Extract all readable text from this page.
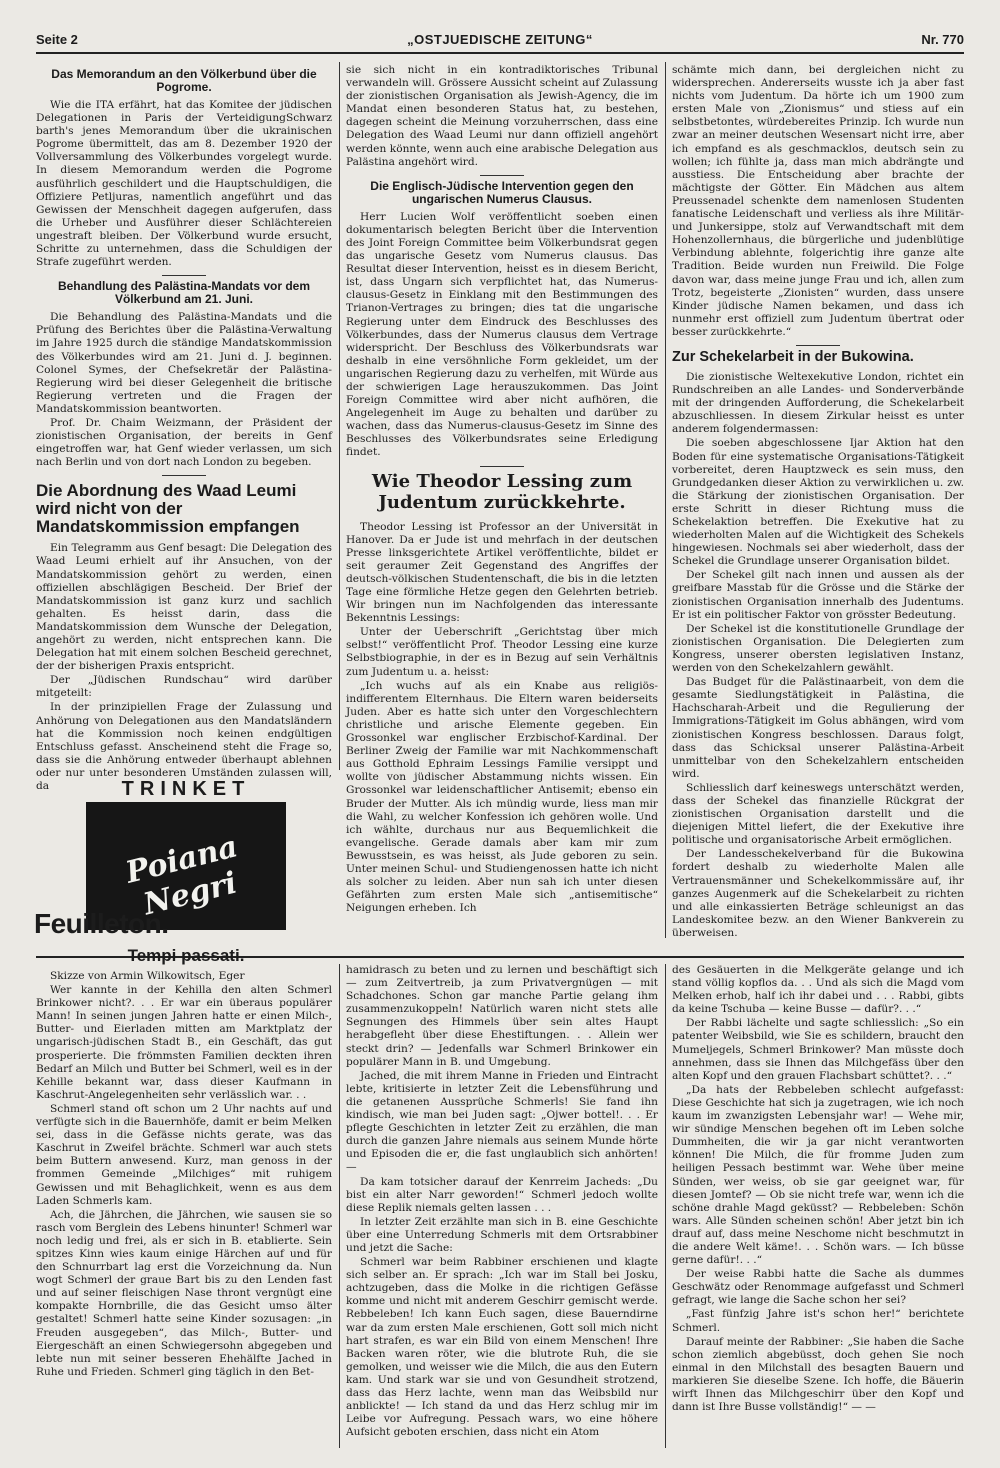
Seite 2	„OSTJUEDISCHE ZEITUNG“	Nr. 770
Das Memorandum an den Völkerbund über die Pogrome.

Wie die ITA erfährt, hat das Komitee der jüdischen Delegationen in Paris der VerteidigungSchwarz barth's jenes Memorandum über die ukrainischen Pogrome übermittelt, das am 8. Dezember 1920 der Vollversammlung des Völkerbundes vorgelegt wurde. In diesem Memorandum werden die Pogrome ausführlich geschildert und die Hauptschuldigen, die Offiziere Petljuras, namentlich angeführt und das Gewissen der Menschheit dagegen aufgerufen, dass die Urheber und Ausführer dieser Schlächtereien ungestraft bleiben. Der Völkerbund wurde ersucht, Schritte zu unternehmen, dass die Schuldigen der Strafe zugeführt werden.

Behandlung des Palästina-Mandats vor dem Völkerbund am 21. Juni.

Die Behandlung des Palästina-Mandats und die Prüfung des Berichtes über die Palästina-Verwaltung im Jahre 1925 durch die ständige Mandatskommission des Völkerbundes wird am 21. Juni d. J. beginnen. Colonel Symes, der Chefsekretär der Palästina-Regierung wird bei dieser Gelegenheit die britische Regierung vertreten und die Fragen der Mandatskommission beantworten.

Prof. Dr. Chaim Weizmann, der Präsident der zionistischen Organisation, der bereits in Genf eingetroffen war, hat Genf wieder verlassen, um sich nach Berlin und von dort nach London zu begeben.

Die Abordnung des Waad Leumi wird nicht von der Mandatskommission empfangen

Ein Telegramm aus Genf besagt: Die Delegation des Waad Leumi erhielt auf ihr Ansuchen, von der Mandatskommission gehört zu werden, einen offiziellen abschlägigen Bescheid. Der Brief der Mandatskommission ist ganz kurz und sachlich gehalten. Es heisst darin, dass die Mandatskommission dem Wunsche der Delegation, angehört zu werden, nicht entsprechen kann. Die Delegation hat mit einem solchen Bescheid gerechnet, der der bisherigen Praxis entspricht.

Der „Jüdischen Rundschau“ wird darüber mitgeteilt:

In der prinzipiellen Frage der Zulassung und Anhörung von Delegationen aus den Mandatsländern hat die Kommission noch keinen endgültigen Entschluss gefasst. Anscheinend steht die Frage so, dass sie die Anhörung entweder überhaupt ablehnen oder nur unter besonderen Umständen zulassen will, da	TRINKET
Poiana Negri

sie sich nicht in ein kontradiktorisches Tribunal verwandeln will. Grössere Aussicht scheint auf Zulassung der zionistischen Organisation als Jewish-Agency, die im Mandat einen besonderen Status hat, zu bestehen, dagegen scheint die Meinung vorzuherrschen, dass eine Delegation des Waad Leumi nur dann offiziell angehört werden könnte, wenn auch eine arabische Delegation aus Palästina angehört wird.

Die Englisch-Jüdische Intervention gegen den ungarischen Numerus Clausus.

Herr Lucien Wolf veröffentlicht soeben einen dokumentarisch belegten Bericht über die Intervention des Joint Foreign Committee beim Völkerbundsrat gegen das ungarische Gesetz vom Numerus clausus. Das Resultat dieser Intervention, heisst es in diesem Bericht, ist, dass Ungarn sich verpflichtet hat, das Numerus-clausus-Gesetz in Einklang mit den Bestimmungen des Trianon-Vertrages zu bringen; dies tat die ungarische Regierung unter dem Eindruck des Beschlusses des Völkerbundes, dass der Numerus clausus dem Vertrage widerspricht. Der Beschluss des Völkerbundsrats war deshalb in eine versöhnliche Form gekleidet, um der ungarischen Regierung dazu zu verhelfen, mit Würde aus der schwierigen Lage herauszukommen. Das Joint Foreign Committee wird aber nicht aufhören, die Angelegenheit im Auge zu behalten und darüber zu wachen, dass das Numerus-clausus-Gesetz im Sinne des Beschlusses des Völkerbundsrates seine Erledigung findet.

Wie Theodor Lessing zum Judentum zurückkehrte.

Theodor Lessing ist Professor an der Universität in Hanover. Da er Jude ist und mehrfach in der deutschen Presse linksgerichtete Artikel veröffentlichte, bildet er seit geraumer Zeit Gegenstand des Angriffes der deutsch-völkischen Studentenschaft, die bis in die letzten Tage eine förmliche Hetze gegen den Gelehrten betrieb. Wir bringen nun im Nachfolgenden das interessante Bekenntnis Lessings:

Unter der Ueberschrift „Gerichtstag über mich selbst!“ veröffentlicht Prof. Theodor Lessing eine kurze Selbstbiographie, in der es in Bezug auf sein Verhältnis zum Judentum u. a. heisst:

„Ich wuchs auf als ein Knabe aus religiös-indifferentem Elternhaus. Die Eltern waren beiderseits Juden. Aber es hatte sich unter den Vorgeschlechtern christliche und arische Elemente gegeben. Ein Grossonkel war englischer Erzbischof-Kardinal. Der Berliner Zweig der Familie war mit Nachkommenschaft aus Gotthold Ephraim Lessings Familie versippt und wollte von jüdischer Abstammung nichts wissen. Ein Grossonkel war leidenschaftlicher Antisemit; ebenso ein Bruder der Mutter. Als ich mündig wurde, liess man mir die Wahl, zu welcher Konfession ich gehören wolle. Und ich wählte, durchaus nur aus Bequemlichkeit die evangelische. Gerade damals aber kam mir zum Bewusstsein, es was heisst, als Jude geboren zu sein. Unter meinen Schul- und Studiengenossen hatte ich nicht als solcher zu leiden. Aber nun sah ich unter diesen Gefährten zum ersten Male sich „antisemitische“ Neigungen erheben. Ich

schämte mich dann, bei dergleichen nicht zu widersprechen. Andererseits wusste ich ja aber fast nichts vom Judentum. Da hörte ich um 1900 zum ersten Male von „Zionismus“ und stiess auf ein selbstbetontes, würdebereites Prinzip. Ich wurde nun zwar an meiner deutschen Wesensart nicht irre, aber ich empfand es als geschmacklos, deutsch sein zu wollen; ich fühlte ja, dass man mich abdrängte und ausstiess. Die Entscheidung aber brachte der mächtigste der Götter. Ein Mädchen aus altem Preussenadel schenkte dem namenlosen Studenten fanatische Leidenschaft und verliess als ihre Militär- und Junkersippe, stolz auf Verwandtschaft mit dem Hohenzollernhaus, die bürgerliche und judenblütige Verbindung ablehnte, folgerichtig ihre ganze alte Tradition. Beide wurden nun Freiwild. Die Folge davon war, dass meine junge Frau und ich, allen zum Trotz, begeisterte „Zionisten“ wurden, dass unsere Kinder jüdische Namen bekamen, und dass ich nunmehr erst offiziell zum Judentum übertrat oder besser zurückkehrte.“

Zur Schekelarbeit in der Bukowina.

Die zionistische Weltexekutive London, richtet ein Rundschreiben an alle Landes- und Sonderverbände mit der dringenden Aufforderung, die Schekelarbeit abzuschliessen. In diesem Zirkular heisst es unter anderem folgendermassen:

Die soeben abgeschlossene Ijar Aktion hat den Boden für eine systematische Organisations-Tätigkeit vorbereitet, deren Hauptzweck es sein muss, den Grundgedanken dieser Aktion zu verwirklichen u. zw. die Stärkung der zionistischen Organisation. Der erste Schritt in dieser Richtung muss die Schekelaktion betreffen. Die Exekutive hat zu wiederholten Malen auf die Wichtigkeit des Schekels hingewiesen. Nochmals sei aber wiederholt, dass der Schekel die Grundlage unserer Organisation bildet.

Der Schekel gilt nach innen und aussen als der greifbare Masstab für die Grösse und die Stärke der zionistischen Organisation innerhalb des Judentums. Er ist ein politischer Faktor von grösster Bedeutung.

Der Schekel ist die konstitutionelle Grundlage der zionistischen Organisation. Die Delegierten zum Kongress, unserer obersten legislativen Instanz, werden von den Schekelzahlern gewählt.

Das Budget für die Palästinaarbeit, von dem die gesamte Siedlungstätigkeit in Palästina, die Hachscharah-Arbeit und die Regulierung der Immigrations-Tätigkeit im Golus abhängen, wird vom zionistischen Kongress beschlossen. Daraus folgt, dass das Schicksal unserer Palästina-Arbeit unmittelbar von den Schekelzahlern entscheiden wird.

Schliesslich darf keineswegs unterschätzt werden, dass der Schekel das finanzielle Rückgrat der zionistischen Organisation darstellt und die diejenigen Mittel liefert, die der Exekutive ihre politische und organisatorische Arbeit ermöglichen.

Der Landesschekelverband für die Bukowina fordert deshalb zu wiederholte Malen alle Vertrauensmänner und Schekelkommissäre auf, ihr ganzes Augenmerk auf die Schekelarbeit zu richten und alle einkassierten Beträge schleunigst an das Landeskomitee bezw. an den Wiener Bankverein zu überweisen.

Feuilleton.
Tempi passati.

Skizze von Armin Wilkowitsch, Eger

Wer kannte in der Kehilla den alten Schmerl Brinkower nicht?. . . Er war ein überaus populärer Mann! In seinen jungen Jahren hatte er einen Milch-, Butter- und Eierladen mitten am Marktplatz der ungarisch-jüdischen Stadt B., ein Geschäft, das gut prosperierte. Die frömmsten Familien deckten ihren Bedarf an Milch und Butter bei Schmerl, weil es in der Kehille bekannt war, dass dieser Kaufmann in Kaschrut-Angelegenheiten sehr verlässlich war. . .

Schmerl stand oft schon um 2 Uhr nachts auf und verfügte sich in die Bauernhöfe, damit er beim Melken sei, dass in die Gefässe nichts gerate, was das Kaschrut in Zweifel brächte. Schmerl war auch stets beim Buttern anwesend. Kurz, man genoss in der frommen Gemeinde „Milchiges“ mit ruhigem Gewissen und mit Behaglichkeit, wenn es aus dem Laden Schmerls kam.

Ach, die Jährchen, die Jährchen, wie sausen sie so rasch vom Berglein des Lebens hinunter! Schmerl war noch ledig und frei, als er sich in B. etablierte. Sein spitzes Kinn wies kaum einige Härchen auf und für den Schnurrbart lag erst die Vorzeichnung da. Nun wogt Schmerl der graue Bart bis zu den Lenden fast und auf seiner fleischigen Nase thront vergnügt eine kompakte Hornbrille, die das Gesicht umso älter gestaltet! Schmerl hatte seine Kinder sozusagen: „in Freuden ausgegeben“, das Milch-, Butter- und Eiergeschäft an einen Schwiegersohn abgegeben und lebte nun mit seiner besseren Ehehälfte Jached in Ruhe und Frieden. Schmerl ging täglich in den Bet-

hamidrasch zu beten und zu lernen und beschäftigt sich — zum Zeitvertreib, ja zum Privatvergnügen — mit Schadchones. Schon gar manche Partie gelang ihm zusammenzukoppeln! Natürlich waren nicht stets alle Segnungen des Himmels über sein altes Haupt herabgefleht über diese Ehestiftungen. . . Allein wer steckt drin? — Jedenfalls war Schmerl Brinkower ein populärer Mann in B. und Umgebung.

Jached, die mit ihrem Manne in Frieden und Eintracht lebte, kritisierte in letzter Zeit die Lebensführung und die getanenen Aussprüche Schmerls! Sie fand ihn kindisch, wie man bei Juden sagt: „Ojwer bottel!. . . Er pflegte Geschichten in letzter Zeit zu erzählen, die man durch die ganzen Jahre niemals aus seinem Munde hörte und Episoden die er, die fast unglaublich sich anhörten! —

Da kam totsicher darauf der Kenrreim Jacheds: „Du bist ein alter Narr geworden!“ Schmerl jedoch wollte diese Replik niemals gelten lassen . . .

In letzter Zeit erzählte man sich in B. eine Geschichte über eine Unterredung Schmerls mit dem Ortsrabbiner und jetzt die Sache:

Schmerl war beim Rabbiner erschienen und klagte sich selber an. Er sprach: „Ich war im Stall bei Josku, achtzugeben, dass die Molke in die richtigen Gefässe komme und nicht mit anderem Geschirr gemischt werde. Rebbeleben! Ich kann Euch sagen, diese Bauerndirne war da zum ersten Male erschienen, Gott soll mich nicht hart strafen, es war ein Bild von einem Menschen! Ihre Backen waren röter, wie die blutrote Ruh, die sie gemolken, und weisser wie die Milch, die aus den Eutern kam. Und stark war sie und von Gesundheit strotzend, dass das Herz lachte, wenn man das Weibsbild nur anblickte! — Ich stand da und das Herz schlug mir im Leibe vor Aufregung. Pessach wars, wo eine höhere Aufsicht geboten erschien, dass nicht ein Atom

des Gesäuerten in die Melkgeräte gelange und ich stand völlig kopflos da. . . Und als sich die Magd vom Melken erhob, half ich ihr dabei und . . . Rabbi, gibts da keine Tschuba — keine Busse — dafür?. . .“

Der Rabbi lächelte und sagte schliesslich: „So ein patenter Weibsbild, wie Sie es schildern, braucht den Mumeljegels, Schmerl Brinkower? Man müsste doch annehmen, dass sie Ihnen das Milchgefäss über den alten Kopf und den grauen Flachsbart schüttet?. . .“

„Da hats der Rebbeleben schlecht aufgefasst: Diese Geschichte hat sich ja zugetragen, wie ich noch kaum im zwanzigsten Lebensjahr war! — Wehe mir, wir sündige Menschen begehen oft im Leben solche Dummheiten, die wir ja gar nicht verantworten können! Die Milch, die für fromme Juden zum heiligen Pessach bestimmt war. Wehe über meine Sünden, wer weiss, ob sie gar geeignet war, für diesen Jomtef? — Ob sie nicht trefe war, wenn ich die schöne drahle Magd geküsst? — Rebbeleben: Schön wars. Alle Sünden scheinen schön! Aber jetzt bin ich drauf auf, dass meine Neschome nicht beschmutzt in die andere Welt käme!. . . Schön wars. — Ich büsse gerne dafür!. . .“

Der weise Rabbi hatte die Sache als dummes Geschwätz oder Renommage aufgefasst und Schmerl gefragt, wie lange die Sache schon her sei?

„Fast fünfzig Jahre ist's schon her!“ berichtete Schmerl.

Darauf meinte der Rabbiner: „Sie haben die Sache schon ziemlich abgebüsst, doch gehen Sie noch einmal in den Milchstall des besagten Bauern und markieren Sie dieselbe Szene. Ich hoffe, die Bäuerin wirft Ihnen das Milchgeschirr über den Kopf und dann ist Ihre Busse vollständig!“ — —
